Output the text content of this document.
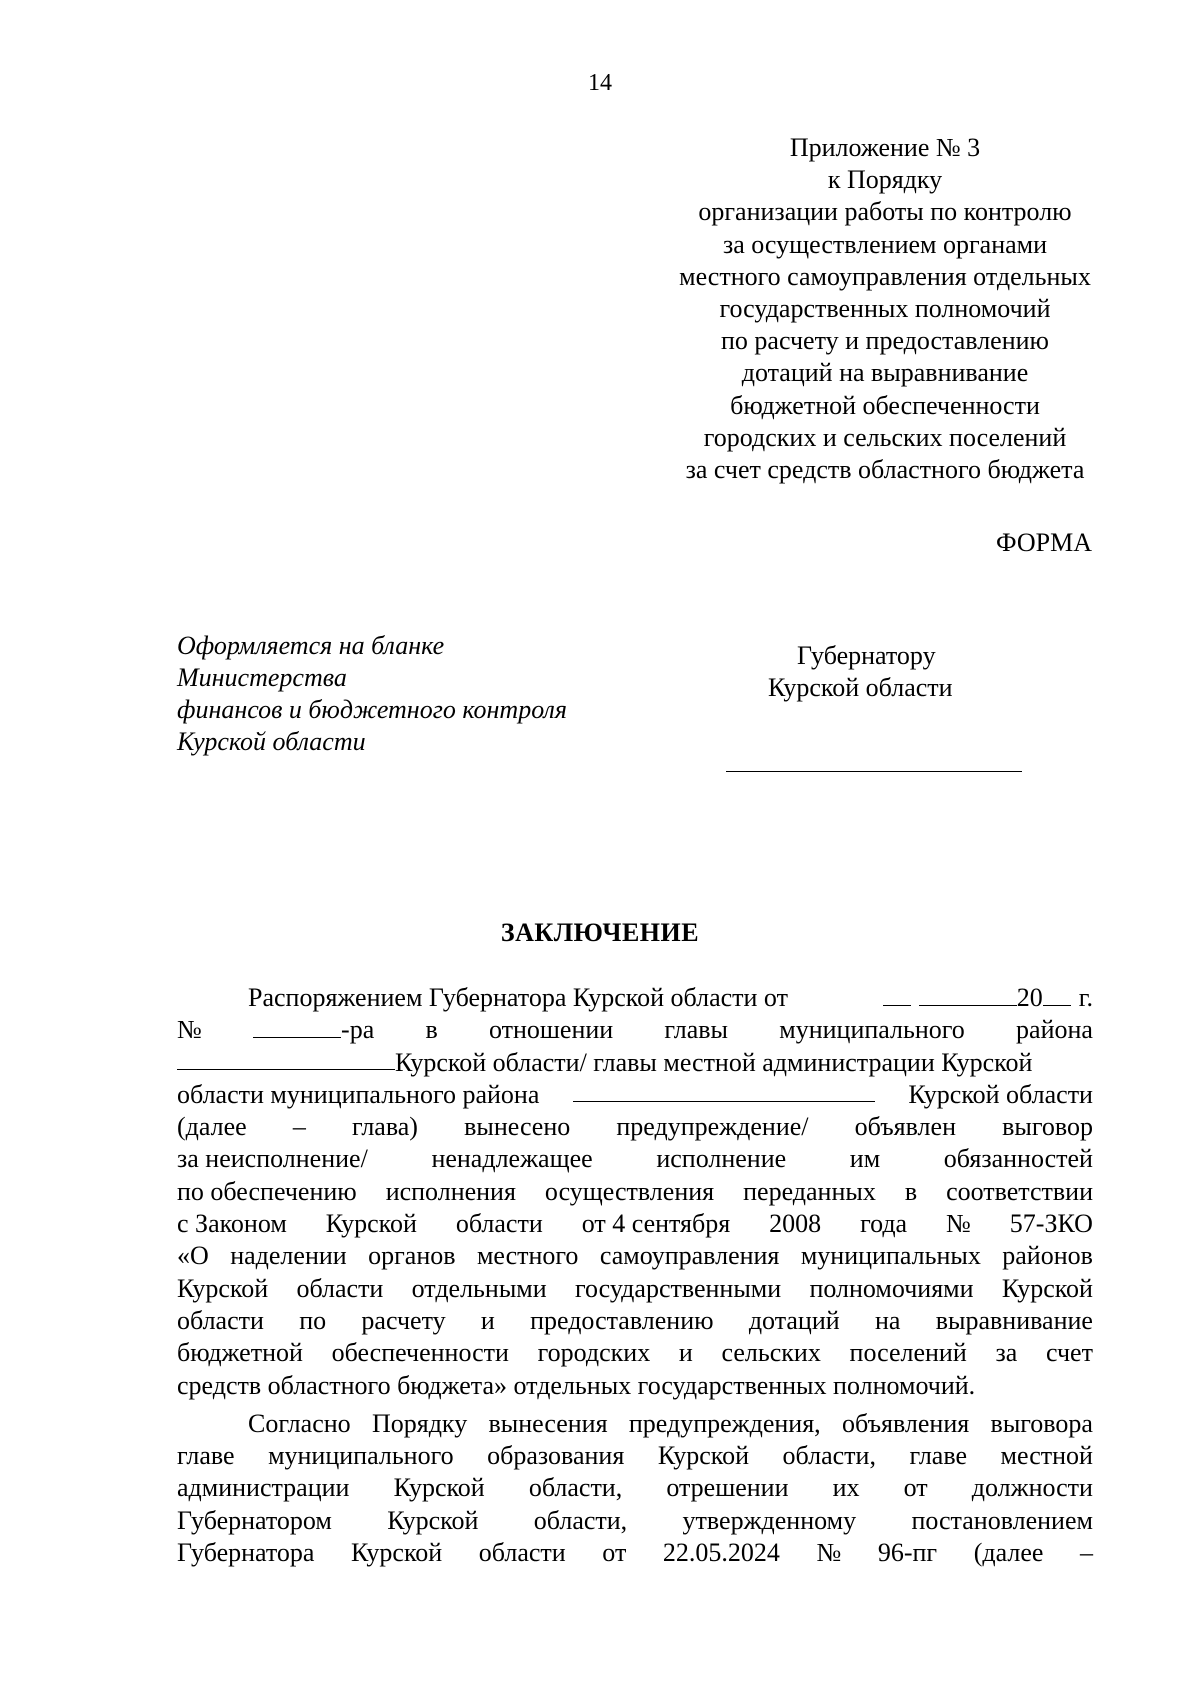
14
Приложение № 3
к Порядку
организации работы по контролю
за осуществлением органами
местного самоуправления отдельных
государственных полномочий
по расчету и предоставлению
дотаций на выравнивание
бюджетной обеспеченности
городских и сельских поселений
за счет средств областного бюджета
ФОРМА
Оформляется на бланке
Министерства
финансов и бюджетного контроля
Курской области
Губернатору
Курской области
ЗАКЛЮЧЕНИЕ
Распоряжением Губернатора Курской области от	20 г.
№	-ра в отношении главы муниципального района
Курской области/ главы местной администрации Курской
области муниципального района	Курской области
(далее – глава) вынесено предупреждение/ объявлен выговор
за неисполнение/ ненадлежащее исполнение им обязанностей
по обеспечению исполнения осуществления переданных в соответствии
с Законом Курской области от 4 сентября 2008 года № 57-ЗКО
«О наделении органов местного самоуправления муниципальных районов
Курской области отдельными государственными полномочиями Курской
области по расчету и предоставлению дотаций на выравнивание
бюджетной обеспеченности городских и сельских поселений за счет
средств областного бюджета» отдельных государственных полномочий.
Согласно Порядку вынесения предупреждения, объявления выговора
главе муниципального образования Курской области, главе местной
администрации Курской области, отрешении их от должности
Губернатором Курской области, утвержденному постановлением
Губернатора Курской области от 22.05.2024 № 96-пг (далее –
